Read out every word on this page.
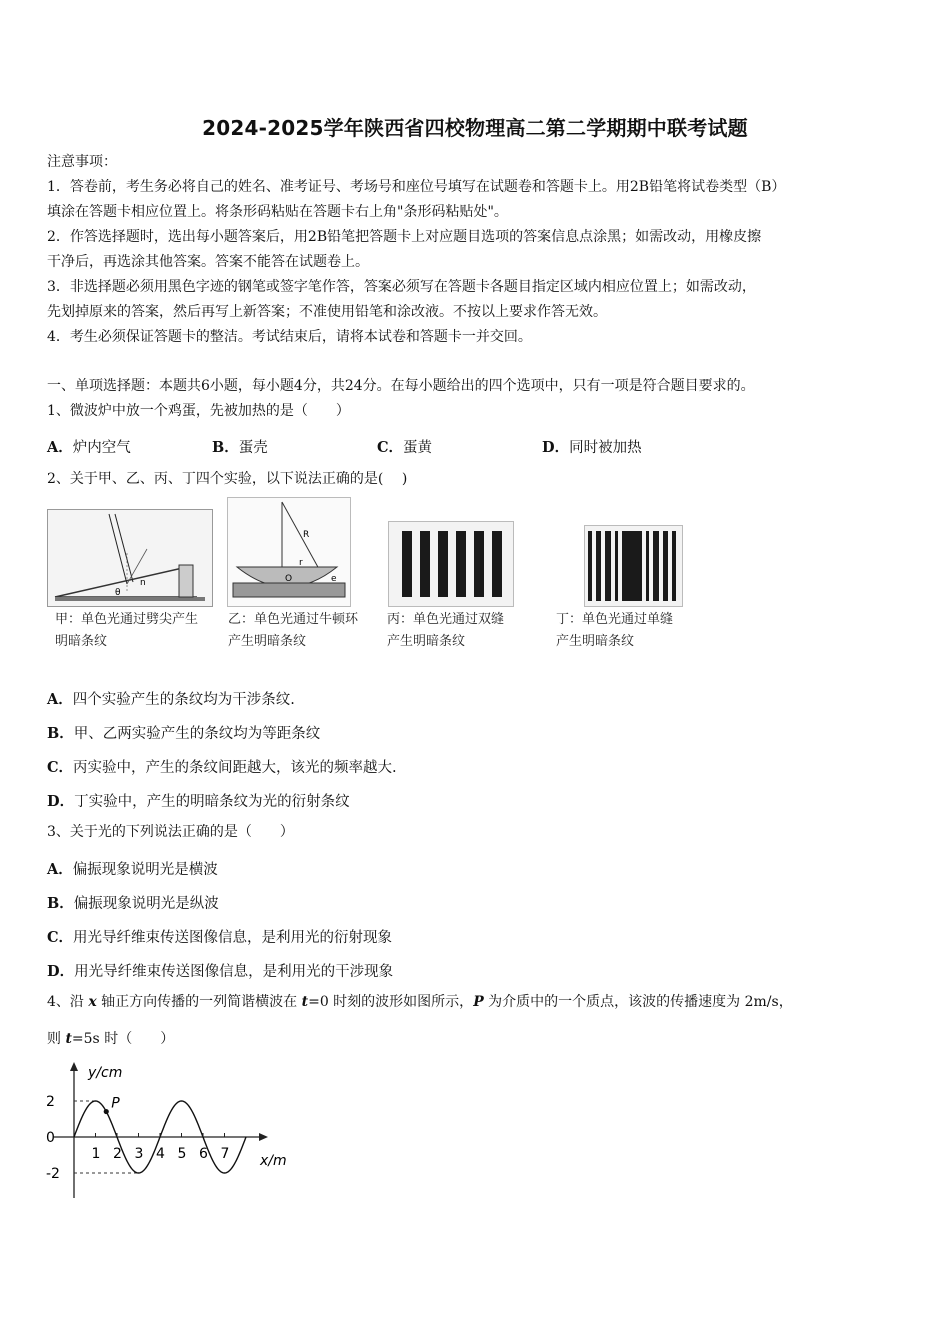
2024-2025学年陕西省四校物理高二第二学期期中联考试题
注意事项：
1．答卷前，考生务必将自己的姓名、准考证号、考场号和座位号填写在试题卷和答题卡上。用2B铅笔将试卷类型（B）
填涂在答题卡相应位置上。将条形码粘贴在答题卡右上角"条形码粘贴处"。
2．作答选择题时，选出每小题答案后，用2B铅笔把答题卡上对应题目选项的答案信息点涂黑；如需改动，用橡皮擦
干净后，再选涂其他答案。答案不能答在试题卷上。
3．非选择题必须用黑色字迹的钢笔或签字笔作答，答案必须写在答题卡各题目指定区域内相应位置上；如需改动，
先划掉原来的答案，然后再写上新答案；不准使用铅笔和涂改液。不按以上要求作答无效。
4．考生必须保证答题卡的整洁。考试结束后，请将本试卷和答题卡一并交回。
一、单项选择题：本题共6小题，每小题4分，共24分。在每小题给出的四个选项中，只有一项是符合题目要求的。
1、微波炉中放一个鸡蛋，先被加热的是（　　）
A．炉内空气	B．蛋壳	C．蛋黄	D．同时被加热
2、关于甲、乙、丙、丁四个实验，以下说法正确的是(　 )
θ
n
甲：单色光通过劈尖产生
明暗条纹
R
r
O	e
乙：单色光通过牛顿环
产生明暗条纹
丙：单色光通过双缝
产生明暗条纹
丁：单色光通过单缝
产生明暗条纹
A．四个实验产生的条纹均为干涉条纹.
B．甲、乙两实验产生的条纹均为等距条纹
C．丙实验中，产生的条纹间距越大，该光的频率越大.
D．丁实验中，产生的明暗条纹为光的衍射条纹
3、关于光的下列说法正确的是（　　）
A．偏振现象说明光是横波
B．偏振现象说明光是纵波
C．用光导纤维束传送图像信息，是利用光的衍射现象
D．用光导纤维束传送图像信息，是利用光的干涉现象
4、沿 x 轴正方向传播的一列简谐横波在 t=0 时刻的波形如图所示，P 为介质中的一个质点，该波的传播速度为 2m/s，
则 t=5s 时（　　）
y/cm
x/m
2
0
-2
1 2 3 4 5 6 7
P
